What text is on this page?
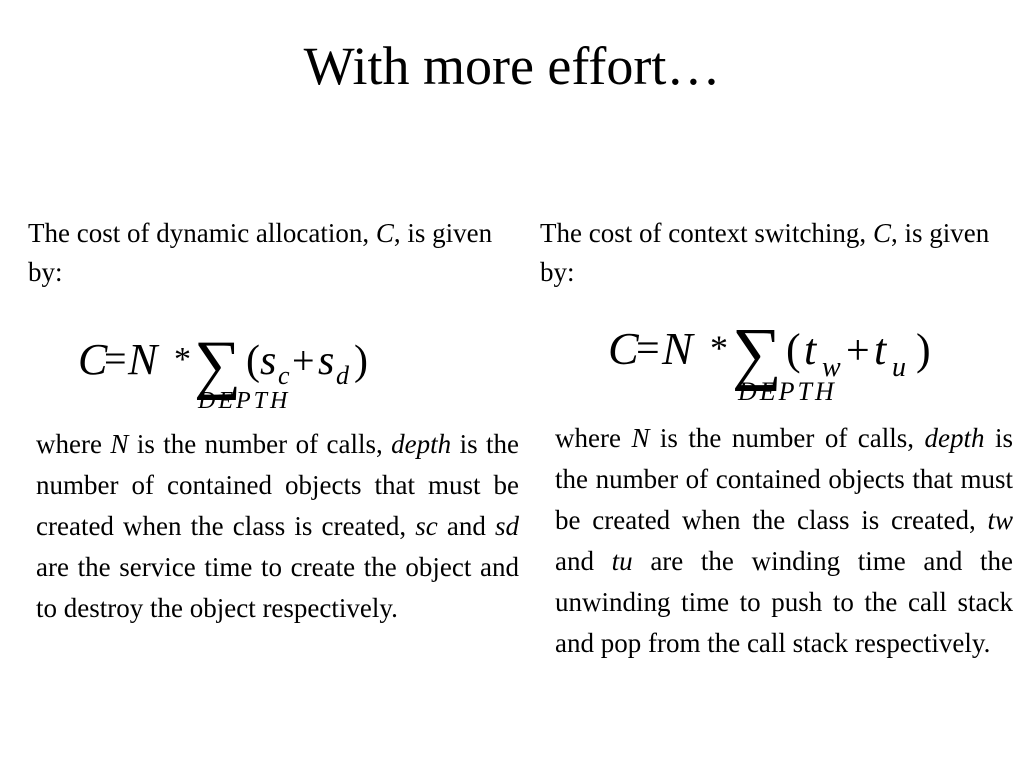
With more effort…
The cost of dynamic allocation, C, is given by:
The cost of context switching, C, is given by:
C
= N * ∑ ( s c + s d )
DEPTH
C
= N * ∑ ( t w + t u )
DEPTH
where N is the number of calls, depth is the number of contained objects that must be created when the class is created, sc and sd are the service time to create the object and to destroy the object respectively.
where N is the number of calls, depth is the number of contained objects that must be created when the class is created, tw and tu are the winding time and the unwinding time to push to the call stack and pop from the call stack respectively.
